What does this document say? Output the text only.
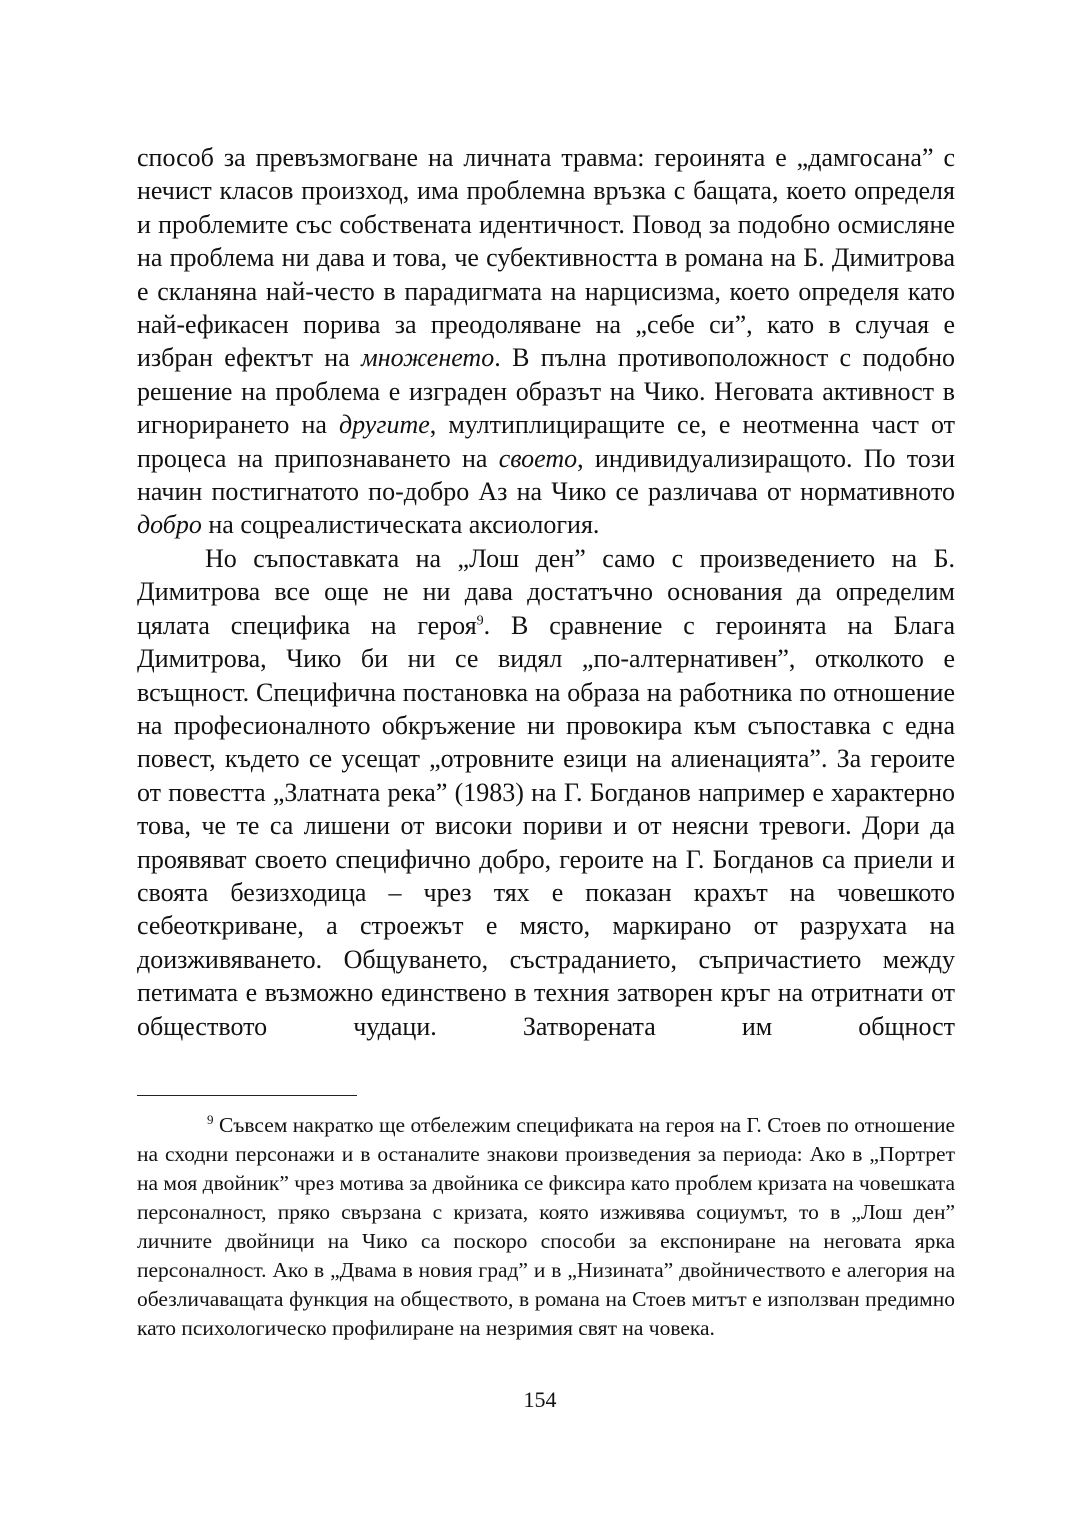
способ за превъзмогване на личната травма: героинята е „дамгосана” с нечист класов произход, има проблемна връзка с бащата, което определя и проблемите със собствената идентичност. Повод за подобно осмисляне на проблема ни дава и това, че субективността в романа на Б. Димитрова е скланяна най-често в парадигмата на нарцисизма, което определя като най-ефикасен порива за преодоляване на „себе си”, като в случая е избран ефектът на множенето. В пълна противоположност с подобно решение на проблема е изграден образът на Чико. Неговата активност в игнорирането на другите, мултиплициращите се, е неотменна част от процеса на припознаването на своето, индивидуализиращото. По този начин постигнатото по-добро Аз на Чико се различава от нормативното добро на соцреалистическата аксиология.

Но съпоставката на „Лош ден” само с произведението на Б. Димитрова все още не ни дава достатъчно основания да определим цялата специфика на героя$^9$. В сравнение с героинята на Блага Димитрова, Чико би ни се видял „по-алтернативен”, отколкото е всъщност. Специфична постановка на образа на работника по отношение на професионалното обкръжение ни провокира към съпоставка с една повест, където се усещат „отровните езици на алиенацията”. За героите от повестта „Златната река” (1983) на Г. Богданов например е характерно това, че те са лишени от високи пориви и от неясни тревоги. Дори да проявяват своето специфично добро, героите на Г. Богданов са приели и своята безизходица – чрез тях е показан крахът на човешкото себеоткриване, а строежът е място, маркирано от разрухата на доизживяването. Общуването, състраданието, съпричастието между петимата е възможно единствено в техния затворен кръг на отритнати от обществото чудаци. Затворената им общност

$^9$ Съвсем накратко ще отбележим спецификата на героя на Г. Стоев по отношение на сходни персонажи и в останалите знакови произведения за периода: Ако в „Портрет на моя двойник” чрез мотива за двойника се фиксира като проблем кризата на човешката персоналност, пряко свързана с кризата, която изживява социумът, то в „Лош ден” личните двойници на Чико са поскоро способи за експониране на неговата ярка персоналност. Ако в „Двама в новия град” и в „Низината” двойничеството е алегория на обезличаващата функция на обществото, в романа на Стоев митът е използван предимно като психологическо профилиране на незримия свят на човека.

154
